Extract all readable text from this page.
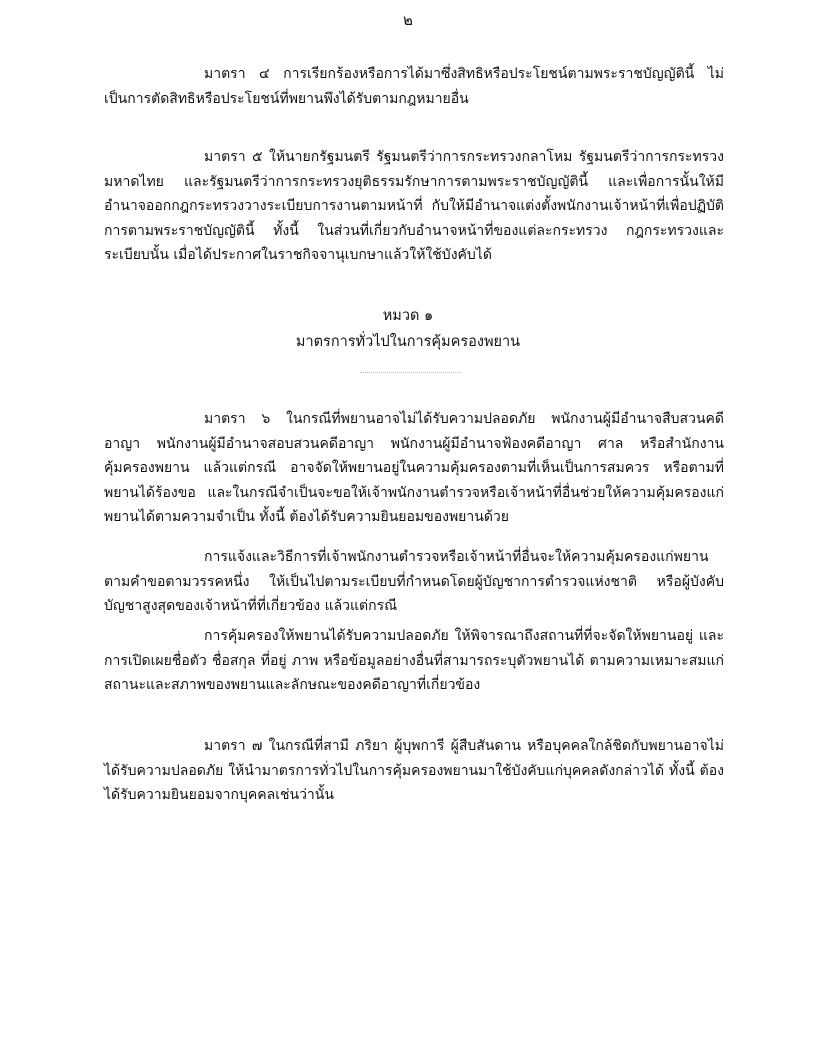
๒

มาตรา ๔ การเรียกร้องหรือการได้มาซึ่งสิทธิหรือประโยชน์ตามพระราชบัญญัตินี้ ไม่เป็นการตัดสิทธิหรือประโยชน์ที่พยานพึงได้รับตามกฎหมายอื่น

มาตรา ๕ ให้นายกรัฐมนตรี รัฐมนตรีว่าการกระทรวงกลาโหม รัฐมนตรีว่าการกระทรวงมหาดไทย และรัฐมนตรีว่าการกระทรวงยุติธรรมรักษาการตามพระราชบัญญัตินี้ และเพื่อการนั้นให้มีอำนาจออกกฎกระทรวงวางระเบียบการงานตามหน้าที่ กับให้มีอำนาจแต่งตั้งพนักงานเจ้าหน้าที่เพื่อปฏิบัติการตามพระราชบัญญัตินี้ ทั้งนี้ ในส่วนที่เกี่ยวกับอำนาจหน้าที่ของแต่ละกระทรวง กฎกระทรวงและระเบียบนั้น เมื่อได้ประกาศในราชกิจจานุเบกษาแล้วให้ใช้บังคับได้

หมวด ๑
มาตรการทั่วไปในการคุ้มครองพยาน

มาตรา ๖ ในกรณีที่พยานอาจไม่ได้รับความปลอดภัย พนักงานผู้มีอำนาจสืบสวนคดีอาญา พนักงานผู้มีอำนาจสอบสวนคดีอาญา พนักงานผู้มีอำนาจฟ้องคดีอาญา ศาล หรือสำนักงานคุ้มครองพยาน แล้วแต่กรณี อาจจัดให้พยานอยู่ในความคุ้มครองตามที่เห็นเป็นการสมควร หรือตามที่พยานได้ร้องขอ และในกรณีจำเป็นจะขอให้เจ้าพนักงานตำรวจหรือเจ้าหน้าที่อื่นช่วยให้ความคุ้มครองแก่พยานได้ตามความจำเป็น ทั้งนี้ ต้องได้รับความยินยอมของพยานด้วย

การแจ้งและวิธีการที่เจ้าพนักงานตำรวจหรือเจ้าหน้าที่อื่นจะให้ความคุ้มครองแก่พยานตามคำขอตามวรรคหนึ่ง ให้เป็นไปตามระเบียบที่กำหนดโดยผู้บัญชาการตำรวจแห่งชาติ หรือผู้บังคับบัญชาสูงสุดของเจ้าหน้าที่ที่เกี่ยวข้อง แล้วแต่กรณี

การคุ้มครองให้พยานได้รับความปลอดภัย ให้พิจารณาถึงสถานที่ที่จะจัดให้พยานอยู่ และการเปิดเผยชื่อตัว ชื่อสกุล ที่อยู่ ภาพ หรือข้อมูลอย่างอื่นที่สามารถระบุตัวพยานได้ ตามความเหมาะสมแก่สถานะและสภาพของพยานและลักษณะของคดีอาญาที่เกี่ยวข้อง

มาตรา ๗ ในกรณีที่สามี ภริยา ผู้บุพการี ผู้สืบสันดาน หรือบุคคลใกล้ชิดกับพยานอาจไม่ได้รับความปลอดภัย ให้นำมาตรการทั่วไปในการคุ้มครองพยานมาใช้บังคับแก่บุคคลดังกล่าวได้ ทั้งนี้ ต้องได้รับความยินยอมจากบุคคลเช่นว่านั้น
